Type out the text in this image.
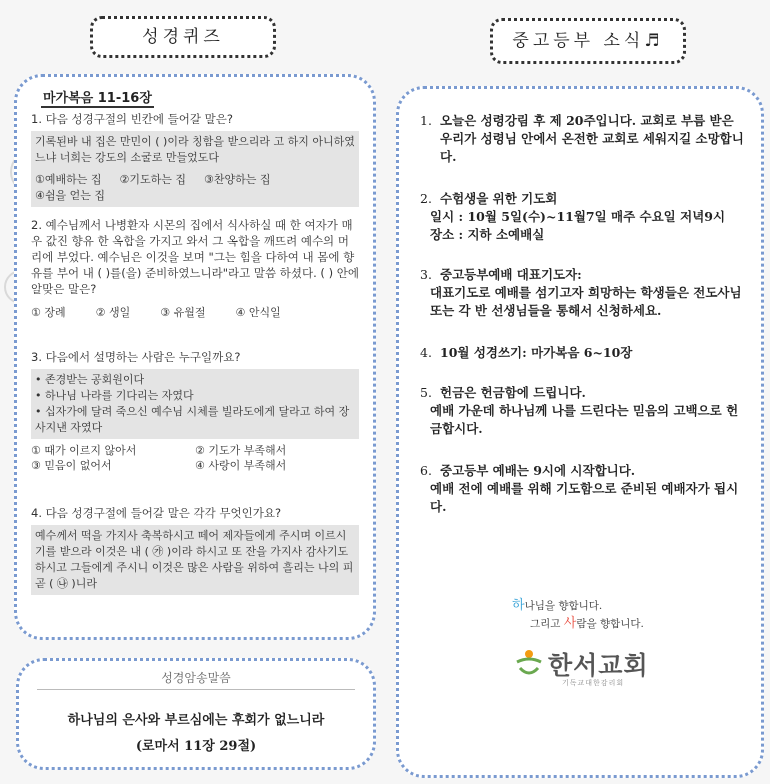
성경퀴즈	중고등부 소식♬
마가복음 11-16장
1. 다음 성경구절의 빈칸에 들어갈 말은?
기록된바 내 집은 만민이 ( )이라 칭함을 받으리라 고 하지 아니하였느냐 너희는 강도의 소굴로 만들었도다
①예배하는 집 ②기도하는 집 ③찬양하는 집④쉼을 얻는 집
2. 예수님께서 나병환자 시몬의 집에서 식사하실 때 한 여자가 매우 값진 향유 한 옥합을 가지고 와서 그 옥합을 깨뜨려 예수의 머리에 부었다. 예수님은 이것을 보며 "그는 힘을 다하여 내 몸에 향유를 부어 내 ( )를(을) 준비하였느니라"라고 말씀 하셨다. ( ) 안에 알맞은 말은?
① 장례	② 생일	③ 유월절	④ 안식일
3. 다음에서 설명하는 사람은 누구일까요?
• 존경받는 공회원이다
• 하나님 나라를 기다리는 자였다
• 십자가에 달려 죽으신 예수님 시체를 빌라도에게 달라고 하여 장사지낸 자였다
① 때가 이르지 않아서	② 기도가 부족해서
③ 믿음이 없어서	④ 사랑이 부족해서
4. 다음 성경구절에 들어갈 말은 각각 무엇인가요?
예수께서 떡을 가지사 축복하시고 떼어 제자들에게 주시며 이르시기를 받으라 이것은 내 ( ㉮ )이라 하시고 또 잔을 가지사 감사기도 하시고 그들에게 주시니 이것은 많은 사람을 위하여 흘리는 나의 피 곧 ( ㉯ )니라
성경암송말씀
하나님의 은사와 부르심에는 후회가 없느니라
(로마서 11장 29절)
1. 오늘은 성령강림 후 제 20주입니다. 교회로 부름 받은 우리가 성령님 안에서 온전한 교회로 세워지길 소망합니다.
2. 수험생을 위한 기도회
일시 : 10월 5일(수)~11월7일 매주 수요일 저녁9시
장소 : 지하 소예배실
3. 중고등부예배 대표기도자:
대표기도로 예배를 섬기고자 희망하는 학생들은 전도사님 또는 각 반 선생님들을 통해서 신청하세요.
4. 10월 성경쓰기: 마가복음 6~10장
5. 헌금은 헌금함에 드립니다.
예배 가운데 하나님께 나를 드린다는 믿음의 고백으로 헌금합시다.
6. 중고등부 예배는 9시에 시작합니다.
예배 전에 예배를 위해 기도함으로 준비된 예배자가 됩시다.
하나님을 향합니다.
그리고 사람을 향합니다.
한서교회
기독교대한감리회
